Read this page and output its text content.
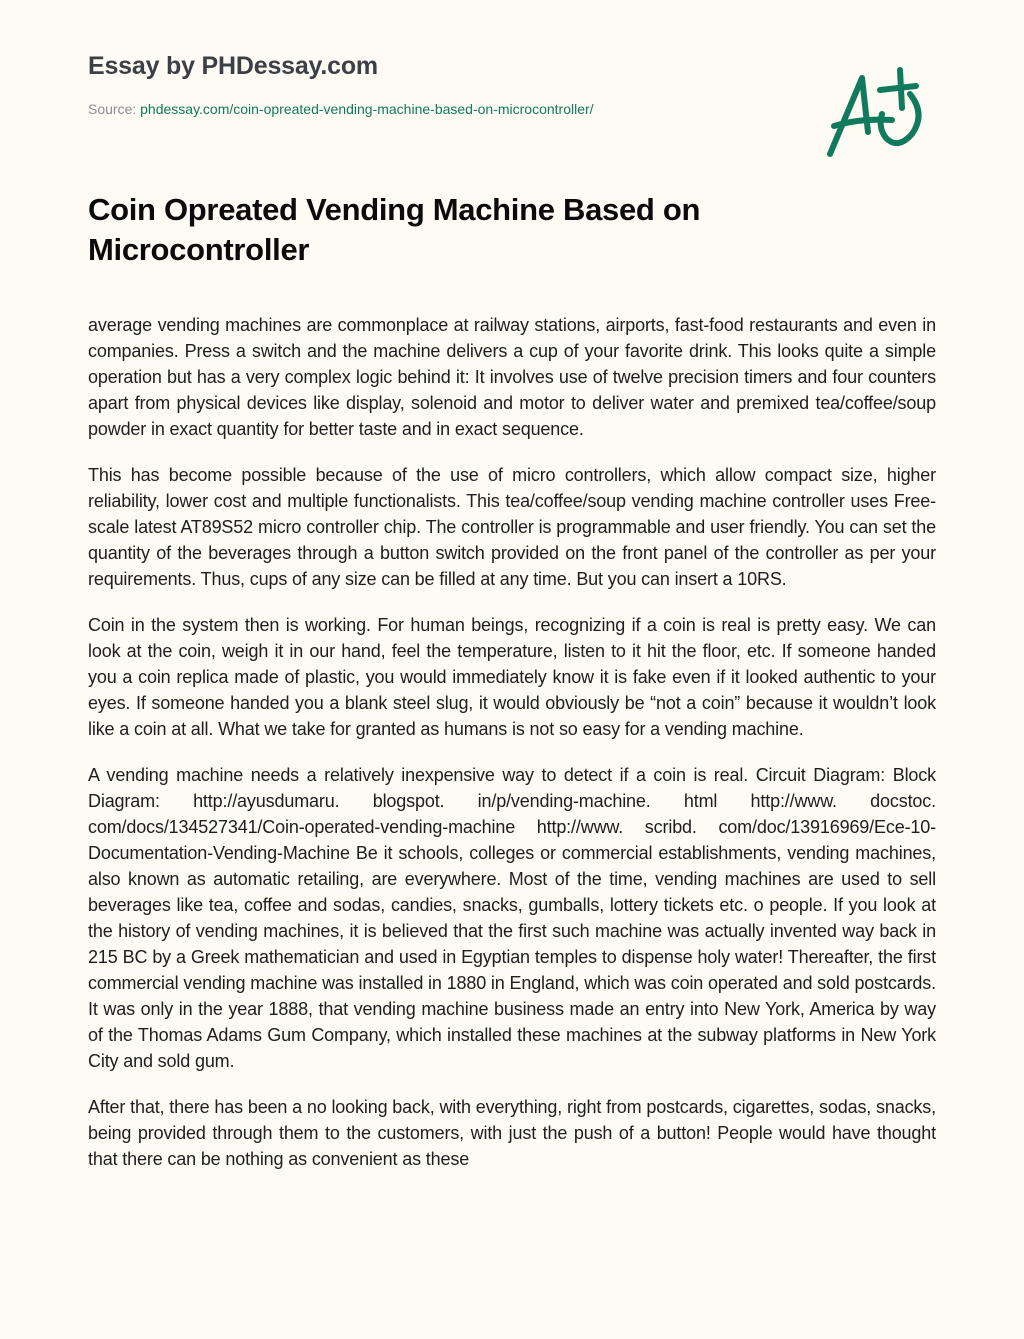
Essay by PHDessay.com
Source: phdessay.com/coin-opreated-vending-machine-based-on-microcontroller/
Coin Opreated Vending Machine Based on Microcontroller

average vending machines are commonplace at railway stations, airports, fast-food restaurants and even in companies. Press a switch and the machine delivers a cup of your favorite drink. This looks quite a simple operation but has a very complex logic behind it: It involves use of twelve precision timers and four counters apart from physical devices like display, solenoid and motor to deliver water and premixed tea/coffee/soup powder in exact quantity for better taste and in exact sequence.

This has become possible because of the use of micro controllers, which allow compact size, higher reliability, lower cost and multiple functionalists. This tea/coffee/soup vending machine controller uses Free-scale latest AT89S52 micro controller chip. The controller is programmable and user friendly. You can set the quantity of the beverages through a button switch provided on the front panel of the controller as per your requirements. Thus, cups of any size can be filled at any time. But you can insert a 10RS.

Coin in the system then is working. For human beings, recognizing if a coin is real is pretty easy. We can look at the coin, weigh it in our hand, feel the temperature, listen to it hit the floor, etc. If someone handed you a coin replica made of plastic, you would immediately know it is fake even if it looked authentic to your eyes. If someone handed you a blank steel slug, it would obviously be “not a coin” because it wouldn’t look like a coin at all. What we take for granted as humans is not so easy for a vending machine.

A vending machine needs a relatively inexpensive way to detect if a coin is real. Circuit Diagram: Block Diagram: http://ayusdumaru. blogspot. in/p/vending-machine. html http://www. docstoc. com/docs/134527341/Coin-operated-vending-machine http://www. scribd. com/doc/13916969/Ece-10-Documentation-Vending-Machine Be it schools, colleges or commercial establishments, vending machines, also known as automatic retailing, are everywhere. Most of the time, vending machines are used to sell beverages like tea, coffee and sodas, candies, snacks, gumballs, lottery tickets etc. o people. If you look at the history of vending machines, it is believed that the first such machine was actually invented way back in 215 BC by a Greek mathematician and used in Egyptian temples to dispense holy water! Thereafter, the first commercial vending machine was installed in 1880 in England, which was coin operated and sold postcards. It was only in the year 1888, that vending machine business made an entry into New York, America by way of the Thomas Adams Gum Company, which installed these machines at the subway platforms in New York City and sold gum.

After that, there has been a no looking back, with everything, right from postcards, cigarettes, sodas, snacks, being provided through them to the customers, with just the push of a button! People would have thought that there can be nothing as convenient as these
